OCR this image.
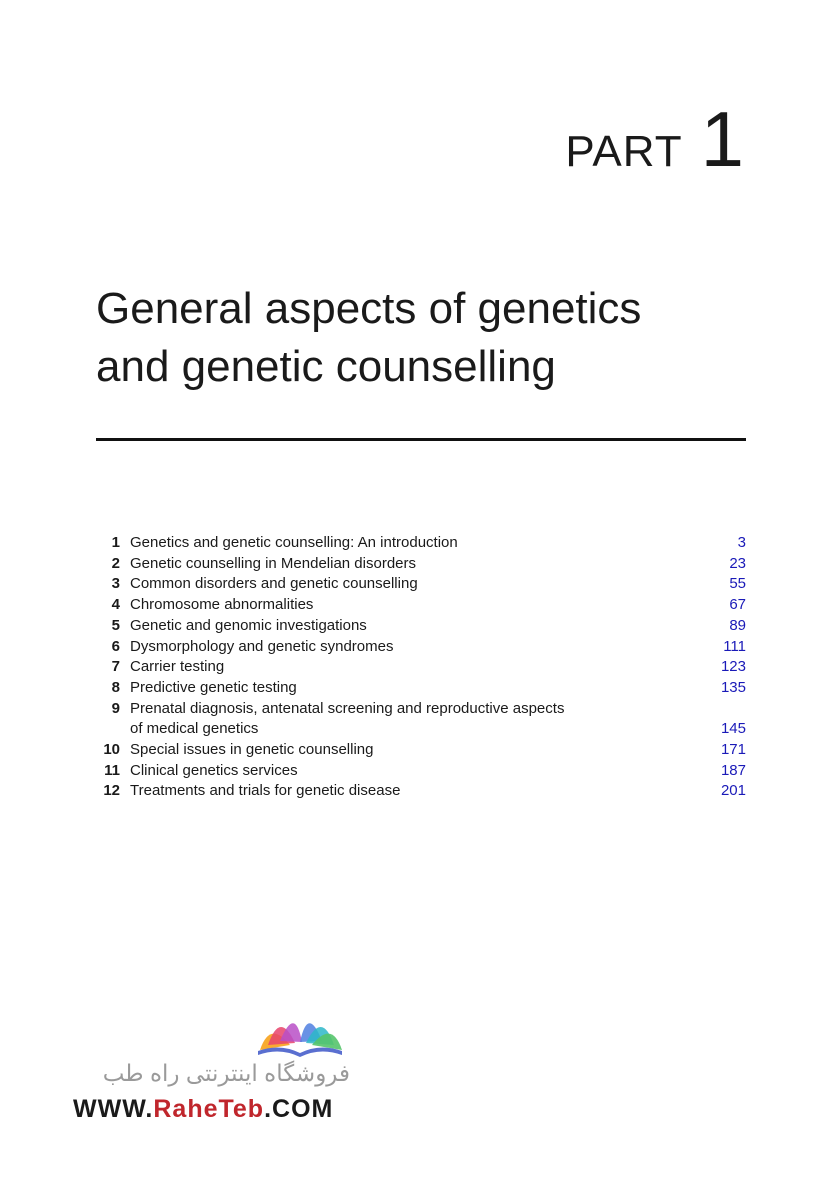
PART 1
General aspects of genetics
and genetic counselling
1 Genetics and genetic counselling: An introduction	3
2 Genetic counselling in Mendelian disorders	23
3 Common disorders and genetic counselling	55
4 Chromosome abnormalities	67
5 Genetic and genomic investigations	89
6 Dysmorphology and genetic syndromes	111
7 Carrier testing	123
8 Predictive genetic testing	135
9 Prenatal diagnosis, antenatal screening and reproductive aspects
of medical genetics	145
10 Special issues in genetic counselling	171
11 Clinical genetics services	187
12 Treatments and trials for genetic disease	201
فروشگاه اینترنتی راه طب
WWW.RaheTeb.COM
